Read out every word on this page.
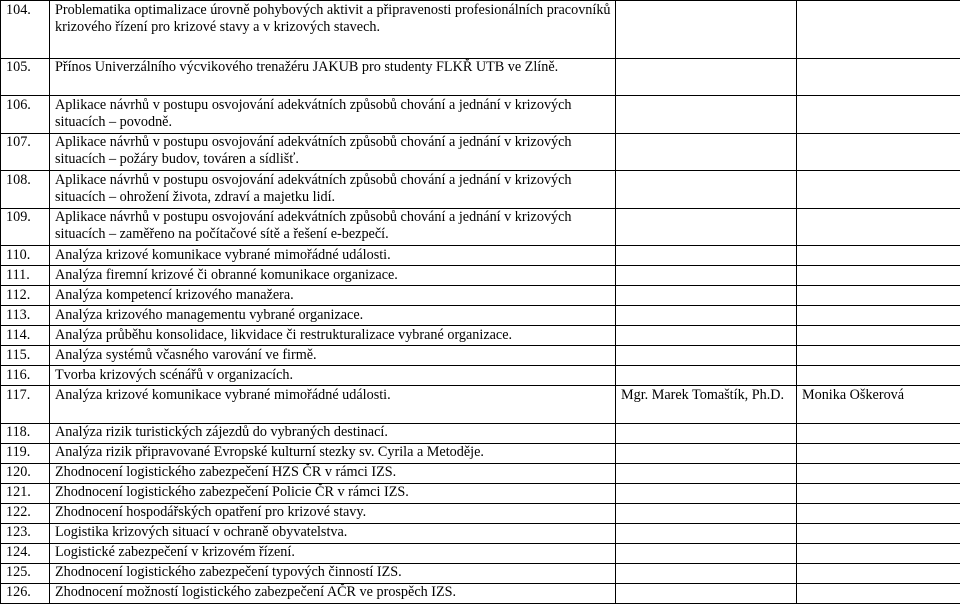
104.	Problematika optimalizace úrovně pohybových aktivit a připravenosti profesionálních pracovníků krizového řízení pro krizové stavy a v krizových stavech.		
105.	Přínos Univerzálního výcvikového trenažéru JAKUB pro studenty FLKŘ UTB ve Zlíně.		
106.	Aplikace návrhů v postupu osvojování adekvátních způsobů chování a jednání v krizových situacích – povodně.		
107.	Aplikace návrhů v postupu osvojování adekvátních způsobů chování a jednání v krizových situacích – požáry budov, továren a sídlišť.		
108.	Aplikace návrhů v postupu osvojování adekvátních způsobů chování a jednání v krizových situacích – ohrožení života, zdraví a majetku lidí.		
109.	Aplikace návrhů v postupu osvojování adekvátních způsobů chování a jednání v krizových situacích – zaměřeno na počítačové sítě a řešení e-bezpečí.		
110.	Analýza krizové komunikace vybrané mimořádné události.		
111.	Analýza firemní krizové či obranné komunikace organizace.		
112.	Analýza kompetencí krizového manažera.		
113.	Analýza krizového managementu vybrané organizace.		
114.	Analýza průběhu konsolidace, likvidace či restrukturalizace vybrané organizace.		
115.	Analýza systémů včasného varování ve firmě.		
116.	Tvorba krizových scénářů v organizacích.		
117.	Analýza krizové komunikace vybrané mimořádné události.	Mgr. Marek Tomaštík, Ph.D.	Monika Oškerová
118.	Analýza rizik turistických zájezdů do vybraných destinací.		
119.	Analýza rizik připravované Evropské kulturní stezky sv. Cyrila a Metoděje.		
120.	Zhodnocení logistického zabezpečení HZS ČR v rámci IZS.		
121.	Zhodnocení logistického zabezpečení Policie ČR v rámci IZS.		
122.	Zhodnocení hospodářských opatření pro krizové stavy.		
123.	Logistika krizových situací v ochraně obyvatelstva.		
124.	Logistické zabezpečení v krizovém řízení.		
125.	Zhodnocení logistického zabezpečení typových činností IZS.		
126.	Zhodnocení možností logistického zabezpečení AČR ve prospěch IZS.		
